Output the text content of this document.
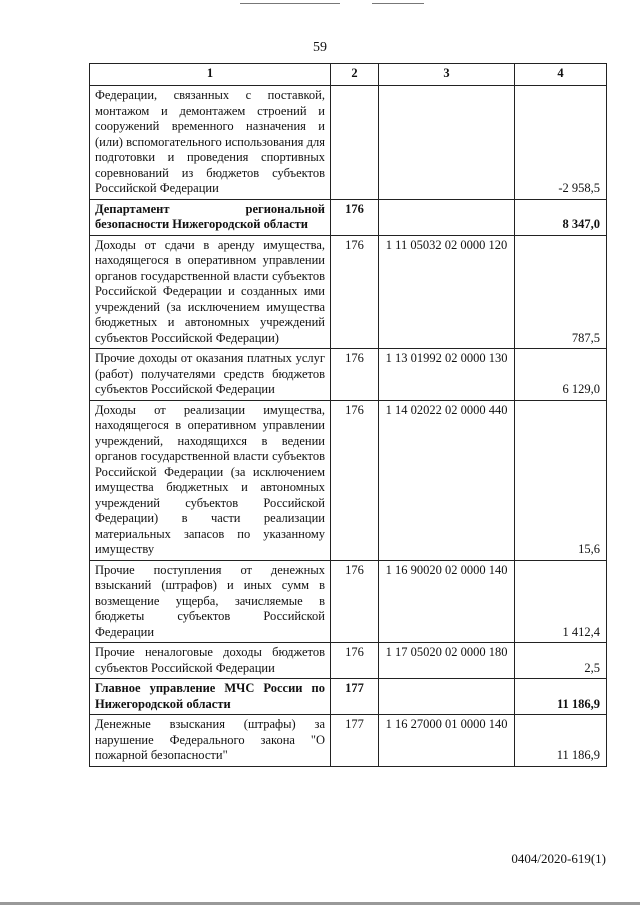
59
1	2	3	4
Федерации, связанных с поставкой, монтажом и демонтажем строений и сооружений временного назначения и (или) вспомогательного использования для подготовки и проведения спортивных соревнований из бюджетов субъектов Российской Федерации			-2 958,5
Департамент региональной безопасности Нижегородской области	176		8 347,0
Доходы от сдачи в аренду имущества, находящегося в оперативном управлении органов государственной власти субъектов Российской Федерации и созданных ими учреждений (за исключением имущества бюджетных и автономных учреждений субъектов Российской Федерации)	176	1 11 05032 02 0000 120	787,5
Прочие доходы от оказания платных услуг (работ) получателями средств бюджетов субъектов Российской Федерации	176	1 13 01992 02 0000 130	6 129,0
Доходы от реализации имущества, находящегося в оперативном управлении учреждений, находящихся в ведении органов государственной власти субъектов Российской Федерации (за исключением имущества бюджетных и автономных учреждений субъектов Российской Федерации) в части реализации материальных запасов по указанному имуществу	176	1 14 02022 02 0000 440	15,6
Прочие поступления от денежных взысканий (штрафов) и иных сумм в возмещение ущерба, зачисляемые в бюджеты субъектов Российской Федерации	176	1 16 90020 02 0000 140	1 412,4
Прочие неналоговые доходы бюджетов субъектов Российской Федерации	176	1 17 05020 02 0000 180	2,5
Главное управление МЧС России по Нижегородской области	177		11 186,9
Денежные взыскания (штрафы) за нарушение Федерального закона "О пожарной безопасности"	177	1 16 27000 01 0000 140	11 186,9
0404/2020-619(1)
